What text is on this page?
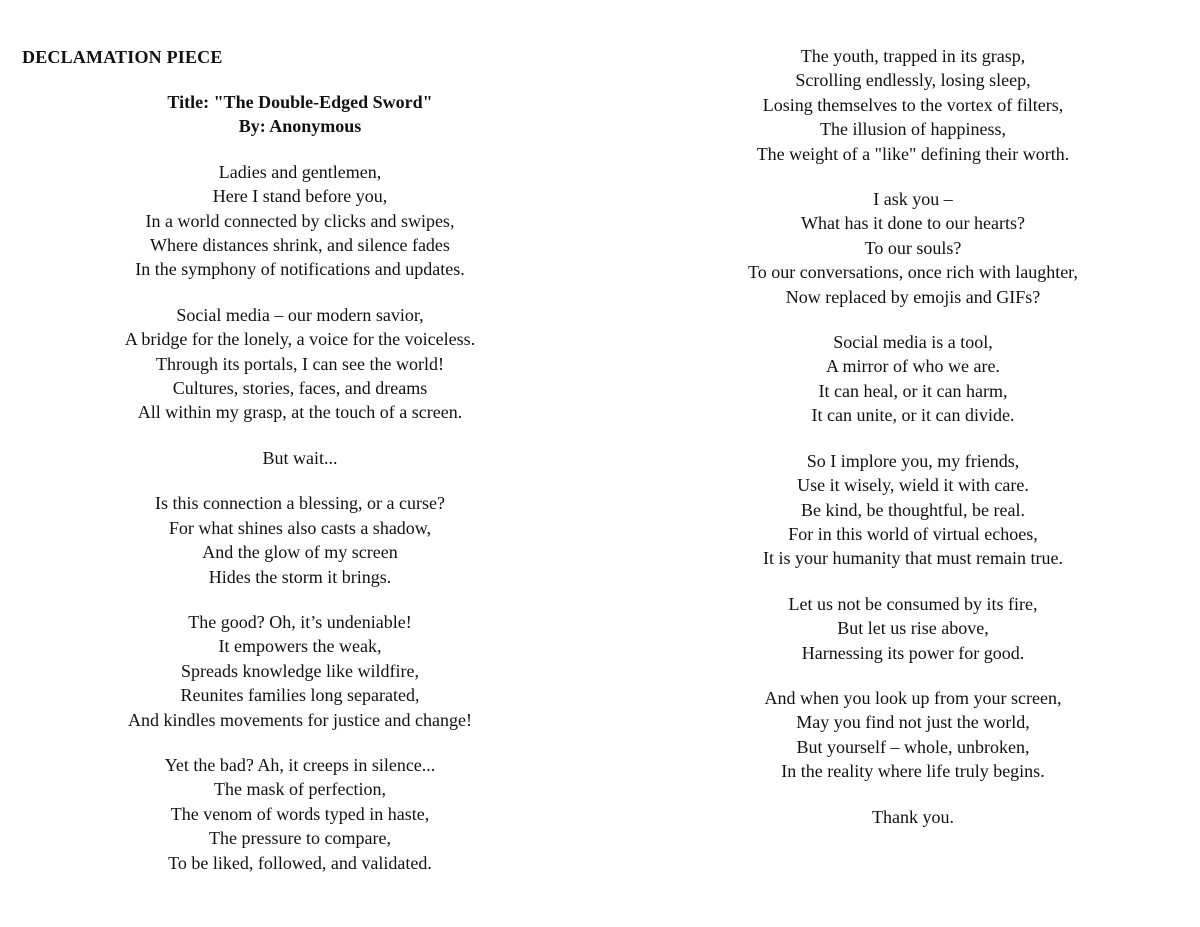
DECLAMATION PIECE
Title: "The Double-Edged Sword"
By: Anonymous
Ladies and gentlemen,
Here I stand before you,
In a world connected by clicks and swipes,
Where distances shrink, and silence fades
In the symphony of notifications and updates.
Social media – our modern savior,
A bridge for the lonely, a voice for the voiceless.
Through its portals, I can see the world!
Cultures, stories, faces, and dreams
All within my grasp, at the touch of a screen.
But wait...
Is this connection a blessing, or a curse?
For what shines also casts a shadow,
And the glow of my screen
Hides the storm it brings.
The good? Oh, it’s undeniable!
It empowers the weak,
Spreads knowledge like wildfire,
Reunites families long separated,
And kindles movements for justice and change!
Yet the bad? Ah, it creeps in silence...
The mask of perfection,
The venom of words typed in haste,
The pressure to compare,
To be liked, followed, and validated.
The youth, trapped in its grasp,
Scrolling endlessly, losing sleep,
Losing themselves to the vortex of filters,
The illusion of happiness,
The weight of a "like" defining their worth.
I ask you –
What has it done to our hearts?
To our souls?
To our conversations, once rich with laughter,
Now replaced by emojis and GIFs?
Social media is a tool,
A mirror of who we are.
It can heal, or it can harm,
It can unite, or it can divide.
So I implore you, my friends,
Use it wisely, wield it with care.
Be kind, be thoughtful, be real.
For in this world of virtual echoes,
It is your humanity that must remain true.
Let us not be consumed by its fire,
But let us rise above,
Harnessing its power for good.
And when you look up from your screen,
May you find not just the world,
But yourself – whole, unbroken,
In the reality where life truly begins.
Thank you.
